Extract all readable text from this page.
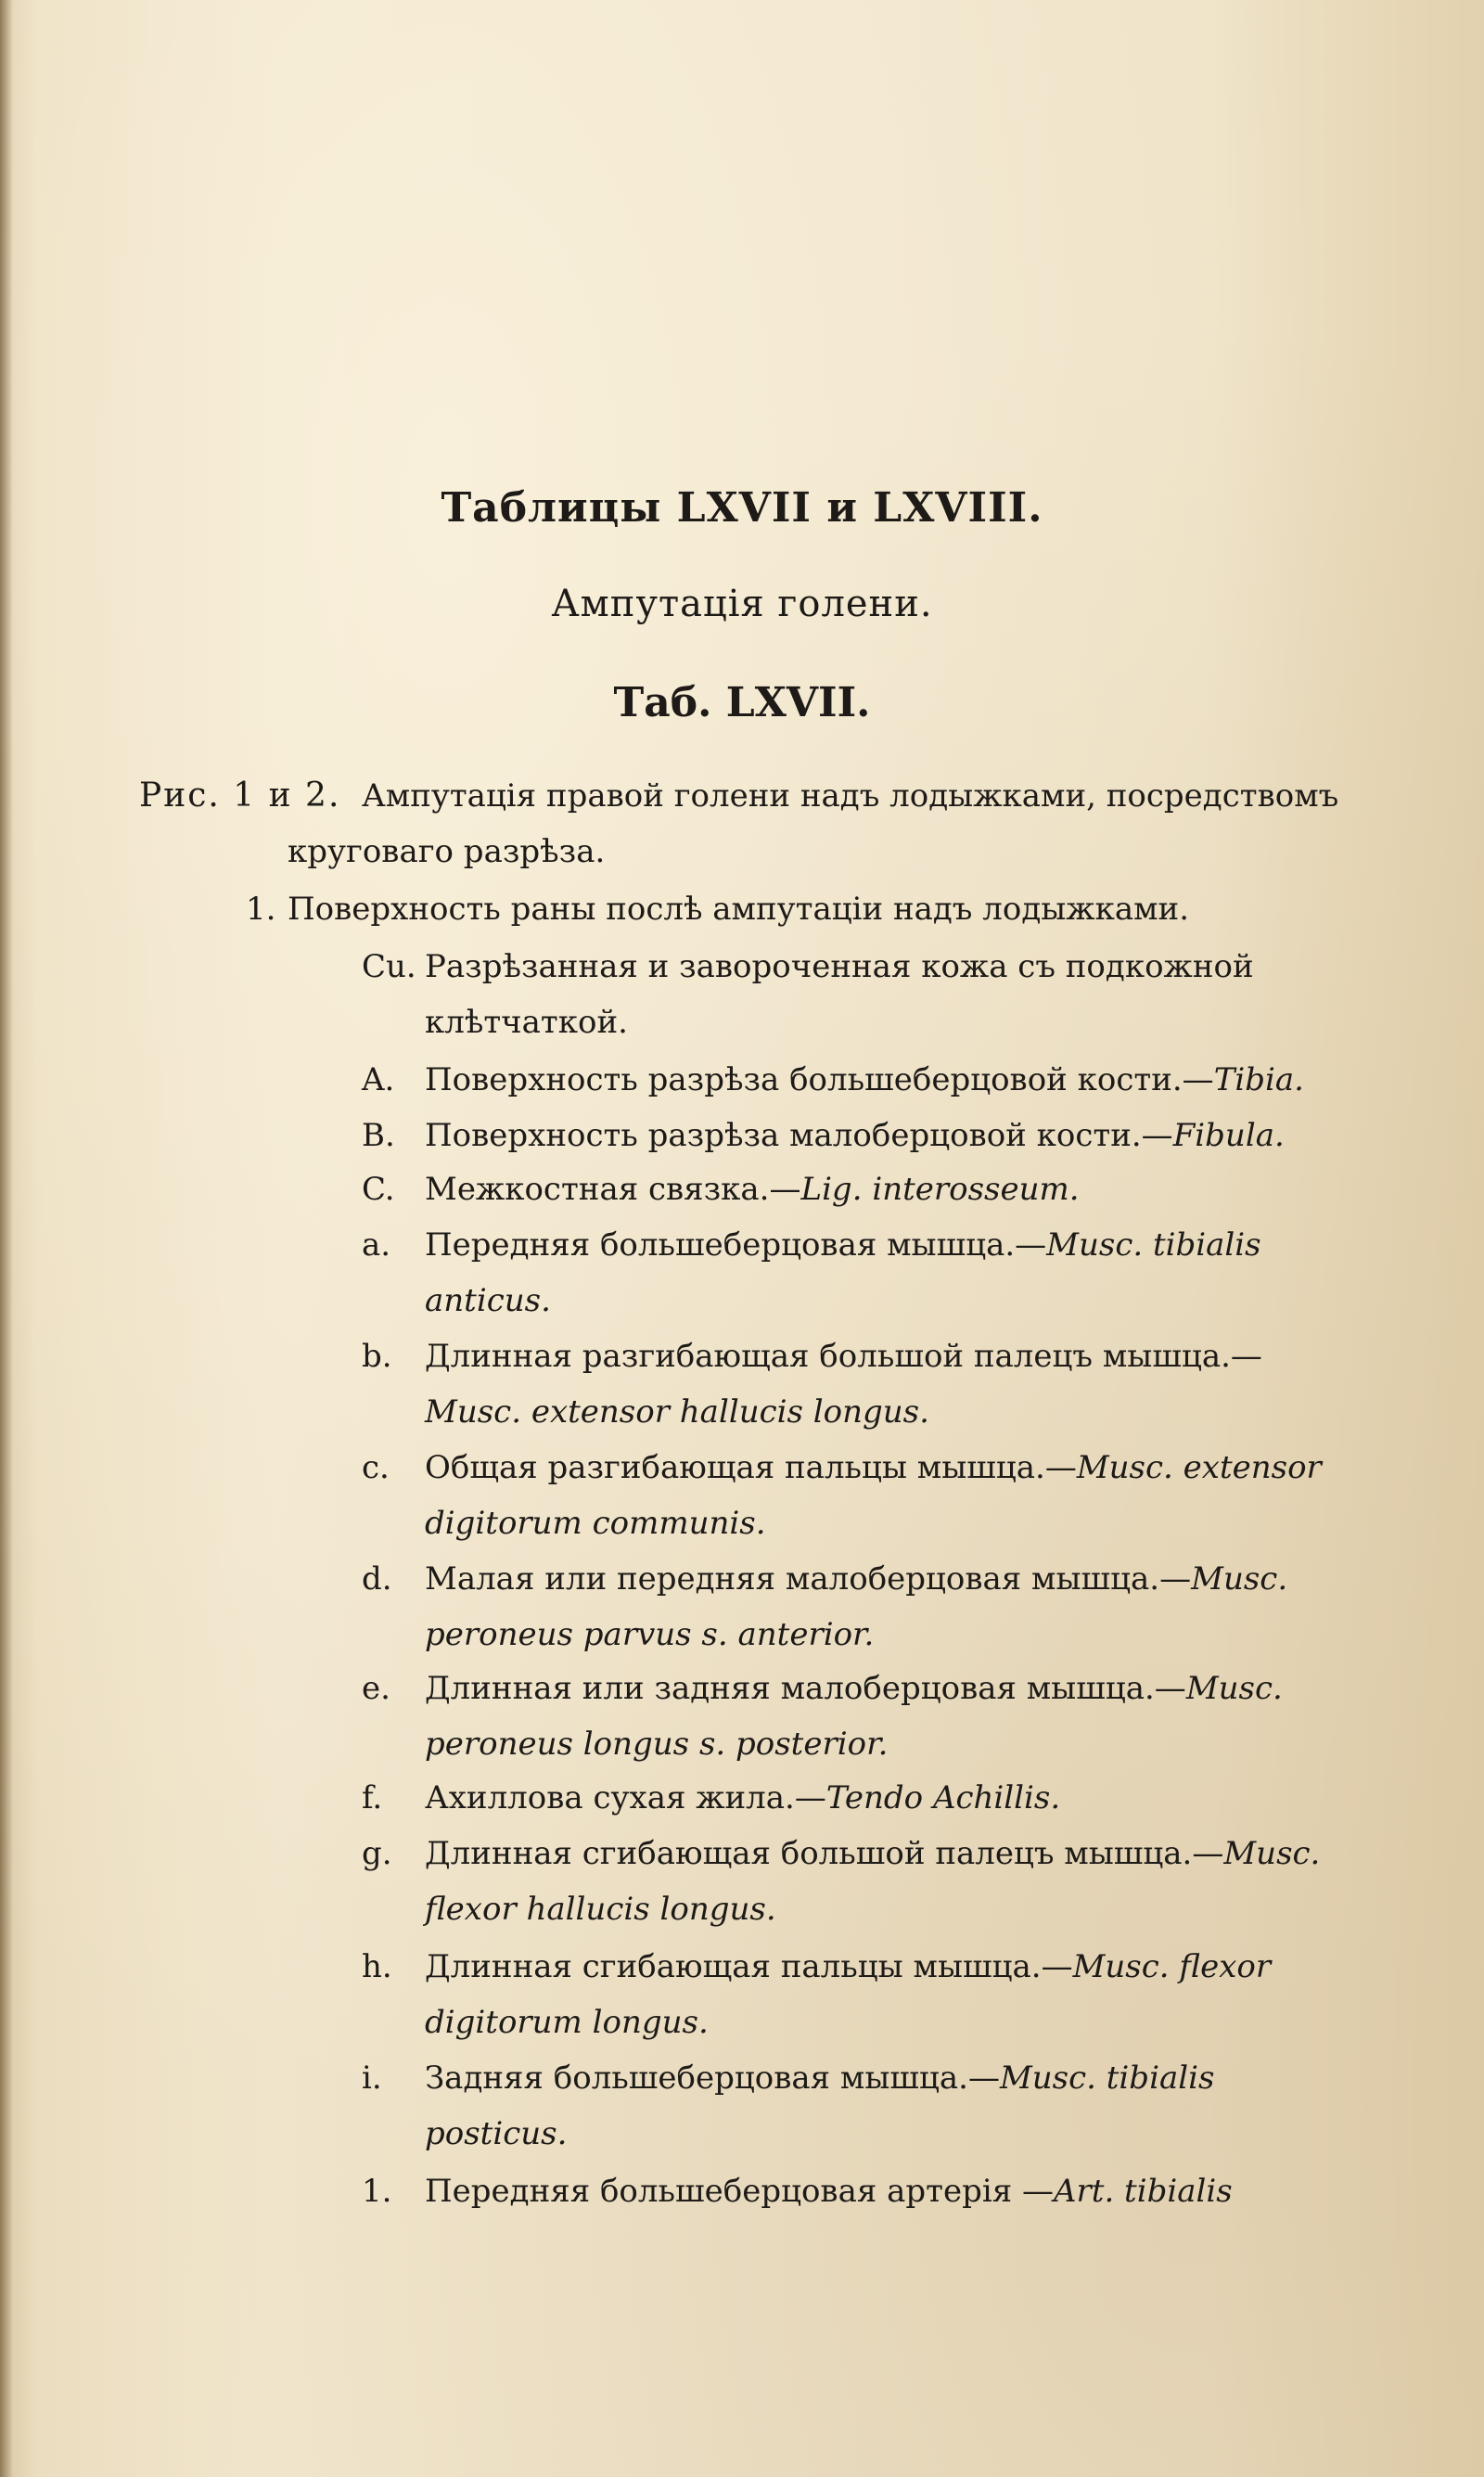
Таблицы LXVII и LXVIII.
Ампутація голени.
Таб. LXVII.
Рис. 1 и 2. Ампутація правой голени надъ лодыжками, посредствомъ
круговаго разрѣза.
1. Поверхность раны послѣ ампутаціи надъ лодыжками.
Cu. Разрѣзанная и завороченная кожа съ подкожной
клѣтчаткой.
A. Поверхность разрѣза большеберцовой кости.—Tibia.
B. Поверхность разрѣза малоберцовой кости.—Fibula.
C. Межкостная связка.—Lig. interosseum.
a. Передняя большеберцовая мышца.—Musc. tibialis
anticus.
b. Длинная разгибающая большой палецъ мышца.—
Musc. extensor hallucis longus.
c. Общая разгибающая пальцы мышца.—Musc. extensor
digitorum communis.
d. Малая или передняя малоберцовая мышца.—Musc.
peroneus parvus s. anterior.
e. Длинная или задняя малоберцовая мышца.—Musc.
peroneus longus s. posterior.
f. Ахиллова сухая жила.—Tendo Achillis.
g. Длинная сгибающая большой палецъ мышца.—Musc.
flexor hallucis longus.
h. Длинная сгибающая пальцы мышца.—Musc. flexor
digitorum longus.
i. Задняя большеберцовая мышца.—Musc. tibialis
posticus.
1. Передняя большеберцовая артерія —Art. tibialis
